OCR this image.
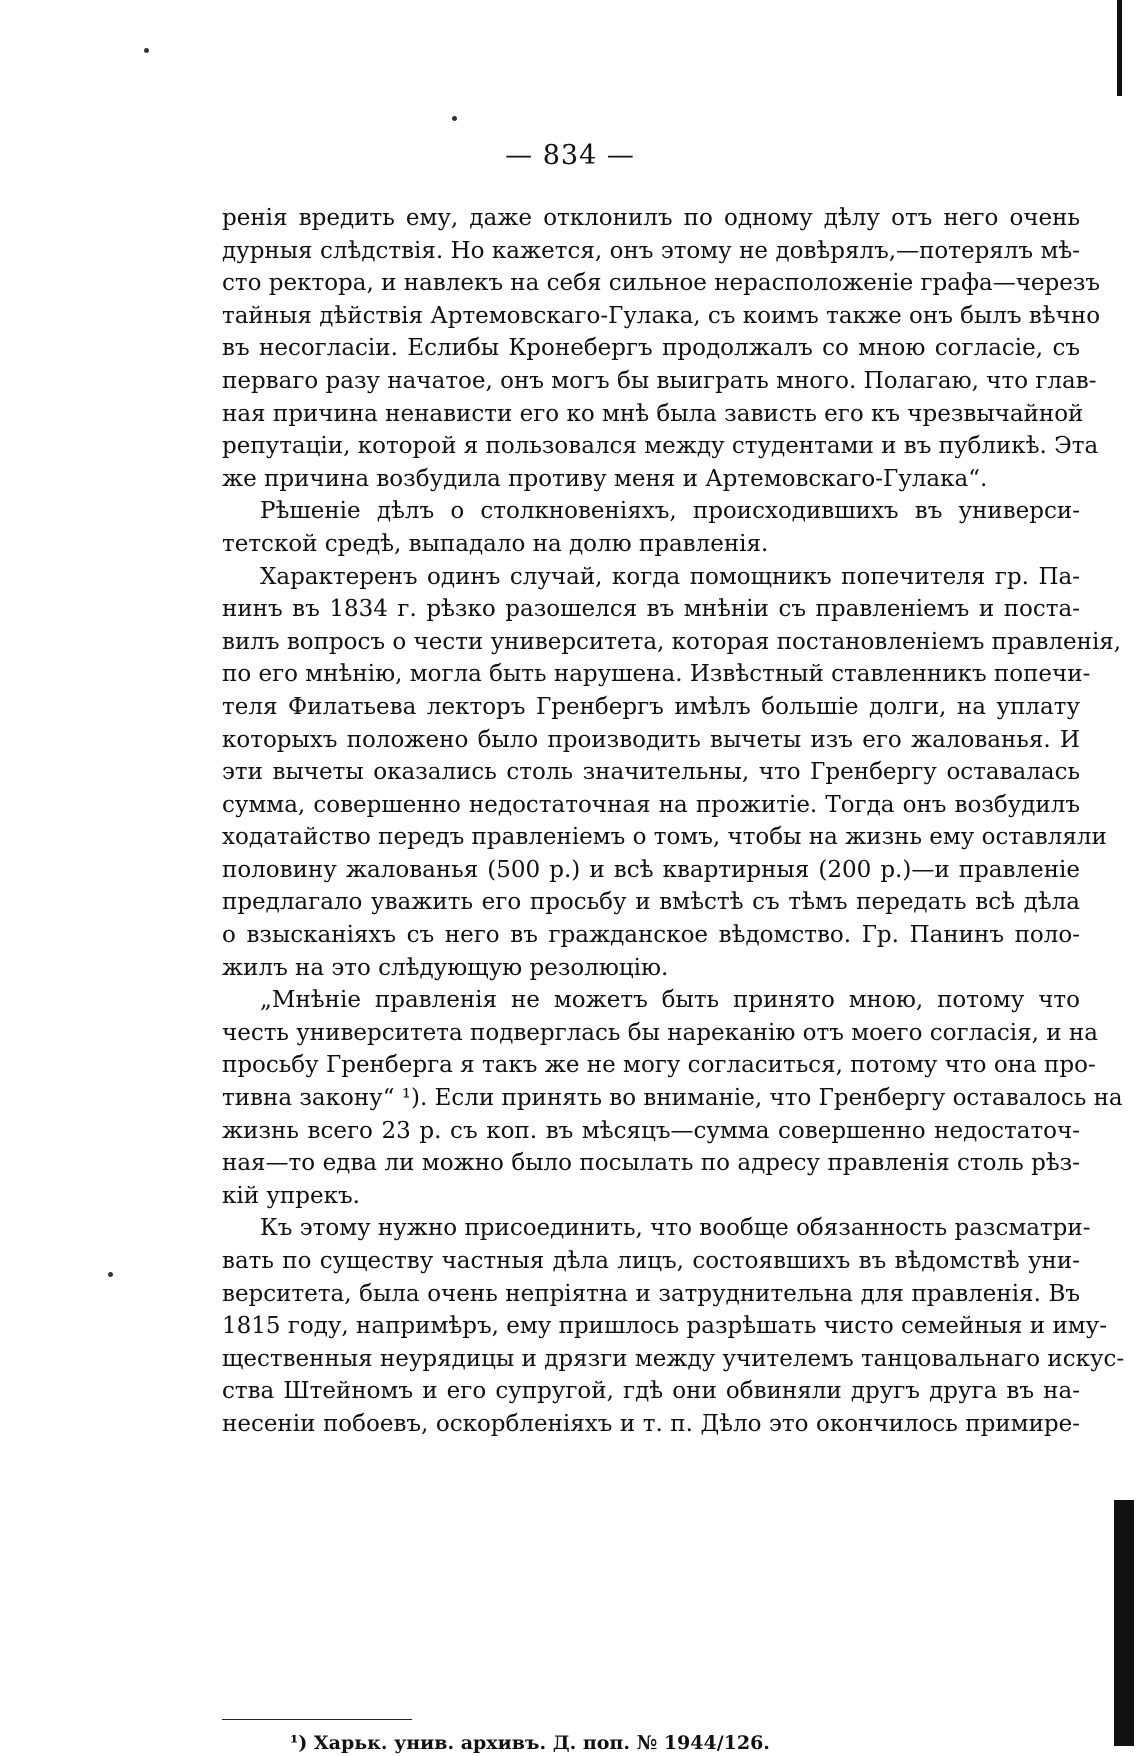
— 834 —
ренія вредить ему, даже отклонилъ по одному дѣлу отъ него очень
дурныя слѣдствія. Но кажется, онъ этому не довѣрялъ,—потерялъ мѣ-
сто ректора, и навлекъ на себя сильное нерасположеніе графа—черезъ
тайныя дѣйствія Артемовскаго-Гулака, съ коимъ также онъ былъ вѣчно
въ несогласіи. Еслибы Кронебергъ продолжалъ со мною согласіе, съ
перваго разу начатое, онъ могъ бы выиграть много. Полагаю, что глав-
ная причина ненависти его ко мнѣ была зависть его къ чрезвычайной
репутаціи, которой я пользовался между студентами и въ публикѣ. Эта
же причина возбудила противу меня и Артемовскаго-Гулака“.
Рѣшеніе дѣлъ о столкновеніяхъ, происходившихъ въ универси-
тетской средѣ, выпадало на долю правленія.
Характеренъ одинъ случай, когда помощникъ попечителя гр. Па-
нинъ въ 1834 г. рѣзко разошелся въ мнѣніи съ правленіемъ и поста-
вилъ вопросъ о чести университета, которая постановленіемъ правленія,
по его мнѣнію, могла быть нарушена. Извѣстный ставленникъ попечи-
теля Филатьева лекторъ Гренбергъ имѣлъ большіе долги, на уплату
которыхъ положено было производить вычеты изъ его жалованья. И
эти вычеты оказались столь значительны, что Гренбергу оставалась
сумма, совершенно недостаточная на прожитіе. Тогда онъ возбудилъ
ходатайство передъ правленіемъ о томъ, чтобы на жизнь ему оставляли
половину жалованья (500 р.) и всѣ квартирныя (200 р.)—и правленіе
предлагало уважить его просьбу и вмѣстѣ съ тѣмъ передать всѣ дѣла
о взысканіяхъ съ него въ гражданское вѣдомство. Гр. Панинъ поло-
жилъ на это слѣдующую резолюцію.
„Мнѣніе правленія не можетъ быть принято мною, потому что
честь университета подверглась бы нареканію отъ моего согласія, и на
просьбу Гренберга я такъ же не могу согласиться, потому что она про-
тивна закону“ ¹). Если принять во вниманіе, что Гренбергу оставалось на
жизнь всего 23 р. съ коп. въ мѣсяцъ—сумма совершенно недостаточ-
ная—то едва ли можно было посылать по адресу правленія столь рѣз-
кій упрекъ.
Къ этому нужно присоединить, что вообще обязанность разсматри-
вать по существу частныя дѣла лицъ, состоявшихъ въ вѣдомствѣ уни-
верситета, была очень непріятна и затруднительна для правленія. Въ
1815 году, напримѣръ, ему пришлось разрѣшать чисто семейныя и иму-
щественныя неурядицы и дрязги между учителемъ танцовальнаго искус-
ства Штейномъ и его супругой, гдѣ они обвиняли другъ друга въ на-
несеніи побоевъ, оскорбленіяхъ и т. п. Дѣло это окончилось примире-
¹) Харьк. унив. архивъ. Д. поп. № 1944/126.
